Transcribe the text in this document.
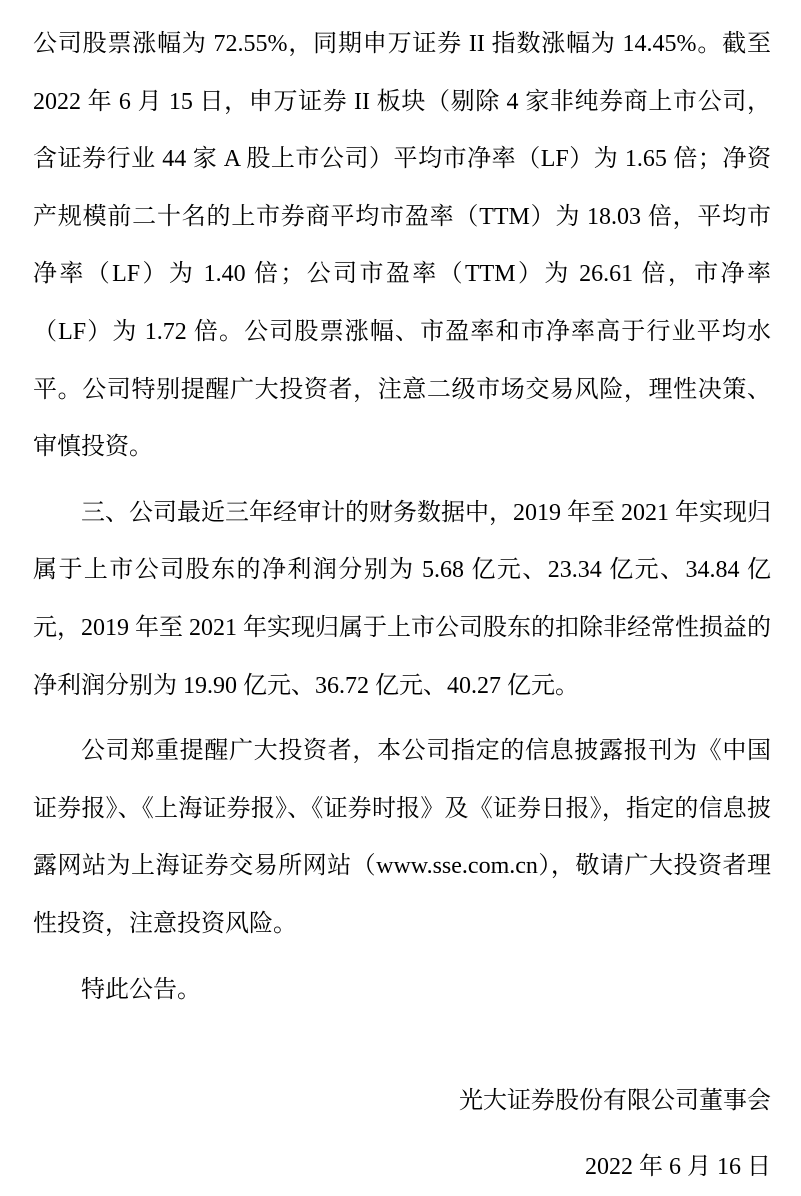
公司股票涨幅为 72.55%，同期申万证券 II 指数涨幅为 14.45%。截至 2022 年 6 月 15 日，申万证券 II 板块（剔除 4 家非纯券商上市公司，含证券行业 44 家 A 股上市公司）平均市净率（LF）为 1.65 倍；净资产规模前二十名的上市券商平均市盈率（TTM）为 18.03 倍，平均市净率（LF）为 1.40 倍；公司市盈率（TTM）为 26.61 倍，市净率（LF）为 1.72 倍。公司股票涨幅、市盈率和市净率高于行业平均水平。公司特别提醒广大投资者，注意二级市场交易风险，理性决策、审慎投资。

三、公司最近三年经审计的财务数据中，2019 年至 2021 年实现归属于上市公司股东的净利润分别为 5.68 亿元、23.34 亿元、34.84 亿元，2019 年至 2021 年实现归属于上市公司股东的扣除非经常性损益的净利润分别为 19.90 亿元、36.72 亿元、40.27 亿元。

公司郑重提醒广大投资者，本公司指定的信息披露报刊为《中国证券报》、《上海证券报》、《证券时报》及《证券日报》，指定的信息披露网站为上海证券交易所网站（www.sse.com.cn），敬请广大投资者理性投资，注意投资风险。

特此公告。

光大证券股份有限公司董事会
2022 年 6 月 16 日
